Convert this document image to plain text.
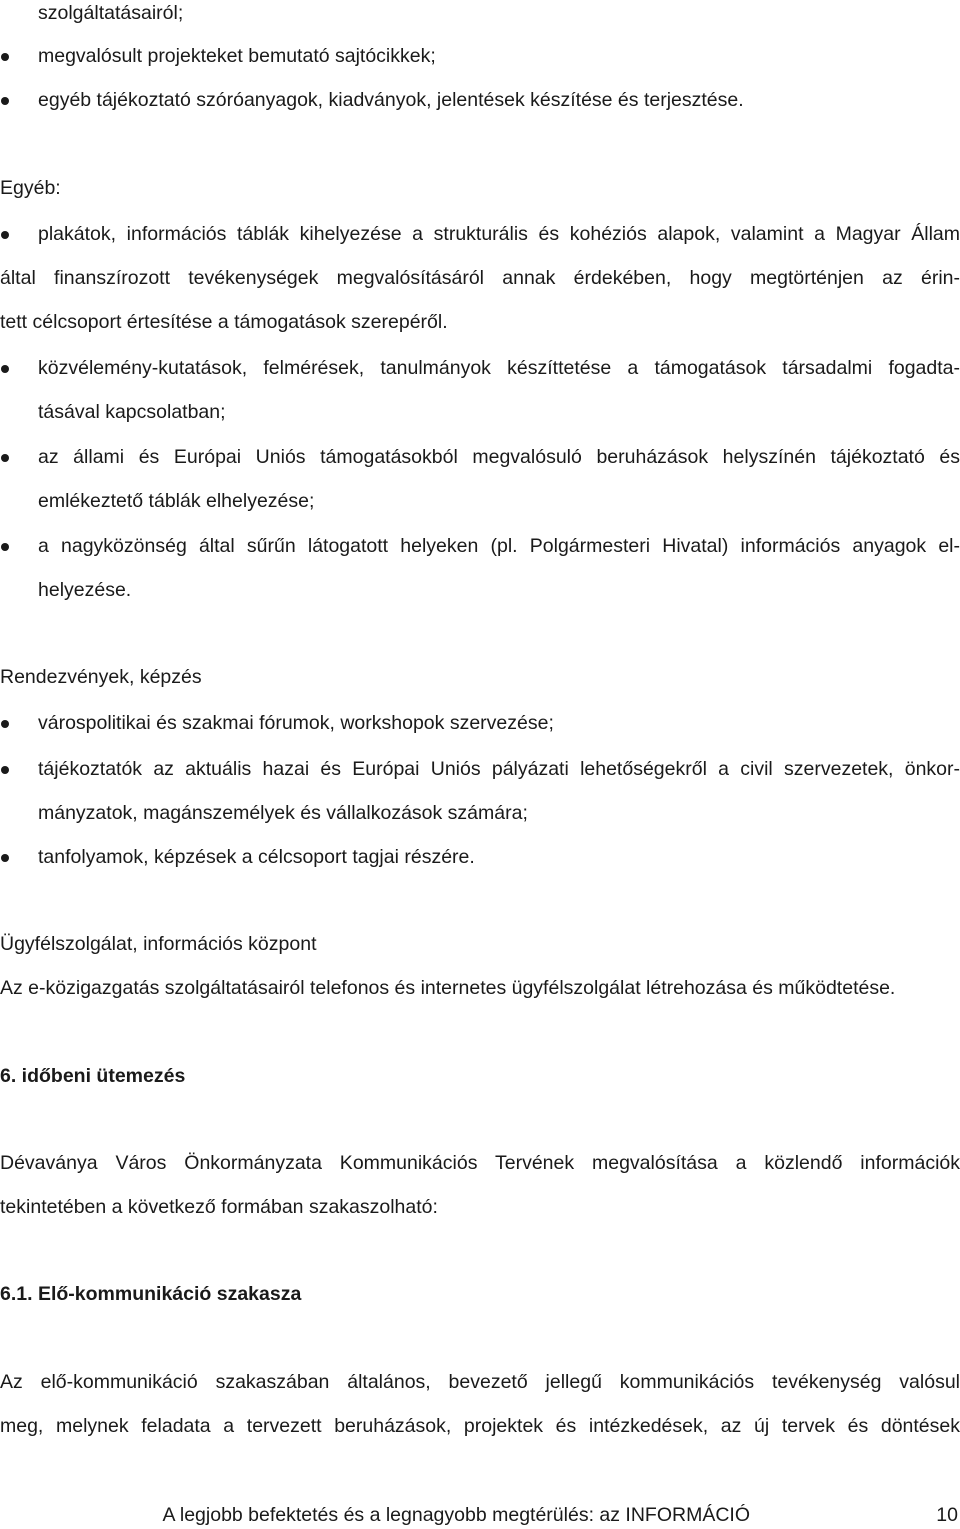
szolgáltatásairól;

megvalósult projekteket bemutató sajtócikkek;

egyéb tájékoztató szóróanyagok, kiadványok, jelentések készítése és terjesztése.

Egyéb:

plakátok, információs táblák kihelyezése a strukturális és kohéziós alapok, valamint a Magyar Állam

által finanszírozott tevékenységek megvalósításáról annak érdekében, hogy megtörténjen az érin-

tett célcsoport értesítése a támogatások szerepéről.

közvélemény-kutatások, felmérések, tanulmányok készíttetése a támogatások társadalmi fogadta-

tásával kapcsolatban;

az állami és Európai Uniós támogatásokból megvalósuló beruházások helyszínén tájékoztató és

emlékeztető táblák elhelyezése;

a nagyközönség által sűrűn látogatott helyeken (pl. Polgármesteri Hivatal) információs anyagok el-

helyezése.

Rendezvények, képzés

várospolitikai és szakmai fórumok, workshopok szervezése;

tájékoztatók az aktuális hazai és Európai Uniós pályázati lehetőségekről a civil szervezetek, önkor-

mányzatok, magánszemélyek és vállalkozások számára;

tanfolyamok, képzések a célcsoport tagjai részére.

Ügyfélszolgálat, információs központ

Az e-közigazgatás szolgáltatásairól telefonos és internetes ügyfélszolgálat létrehozása és működtetése.

6. időbeni ütemezés

Dévaványa Város Önkormányzata Kommunikációs Tervének megvalósítása a közlendő információk

tekintetében a következő formában szakaszolható:

6.1. Elő-kommunikáció szakasza

Az elő-kommunikáció szakaszában általános, bevezető jellegű kommunikációs tevékenység valósul

meg, melynek feladata a tervezett beruházások, projektek és intézkedések, az új tervek és döntések

A legjobb befektetés és a legnagyobb megtérülés: az INFORMÁCIÓ	10
